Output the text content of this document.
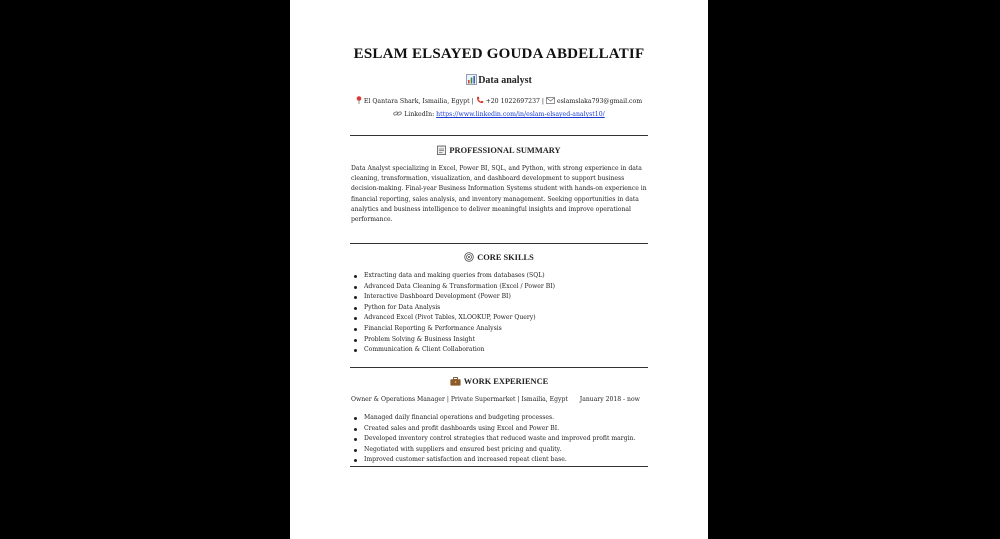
ESLAM ELSAYED GOUDA ABDELLATIF
Data analyst
El Qantara Shark, Ismailia, Egypt | +20 1022697237 | eslamslaka793@gmail.com
LinkedIn: https://www.linkedin.com/in/eslam-elsayed-analyst10/
PROFESSIONAL SUMMARY

Data Analyst specializing in Excel, Power BI, SQL, and Python, with strong experience in data cleaning, transformation, visualization, and dashboard development to support business decision-making. Final-year Business Information Systems student with hands-on experience in financial reporting, sales analysis, and inventory management. Seeking opportunities in data analytics and business intelligence to deliver meaningful insights and improve operational performance.

CORE SKILLS
Extracting data and making queries from databases (SQL)
Advanced Data Cleaning & Transformation (Excel / Power BI)
Interactive Dashboard Development (Power BI)
Python for Data Analysis
Advanced Excel (Pivot Tables, XLOOKUP, Power Query)
Financial Reporting & Performance Analysis
Problem Solving & Business Insight
Communication & Client Collaboration
WORK EXPERIENCE
Owner & Operations Manager | Private Supermarket | Ismailia, Egypt January 2018 - now
Managed daily financial operations and budgeting processes.
Created sales and profit dashboards using Excel and Power BI.
Developed inventory control strategies that reduced waste and improved profit margin.
Negotiated with suppliers and ensured best pricing and quality.
Improved customer satisfaction and increased repeat client base.
